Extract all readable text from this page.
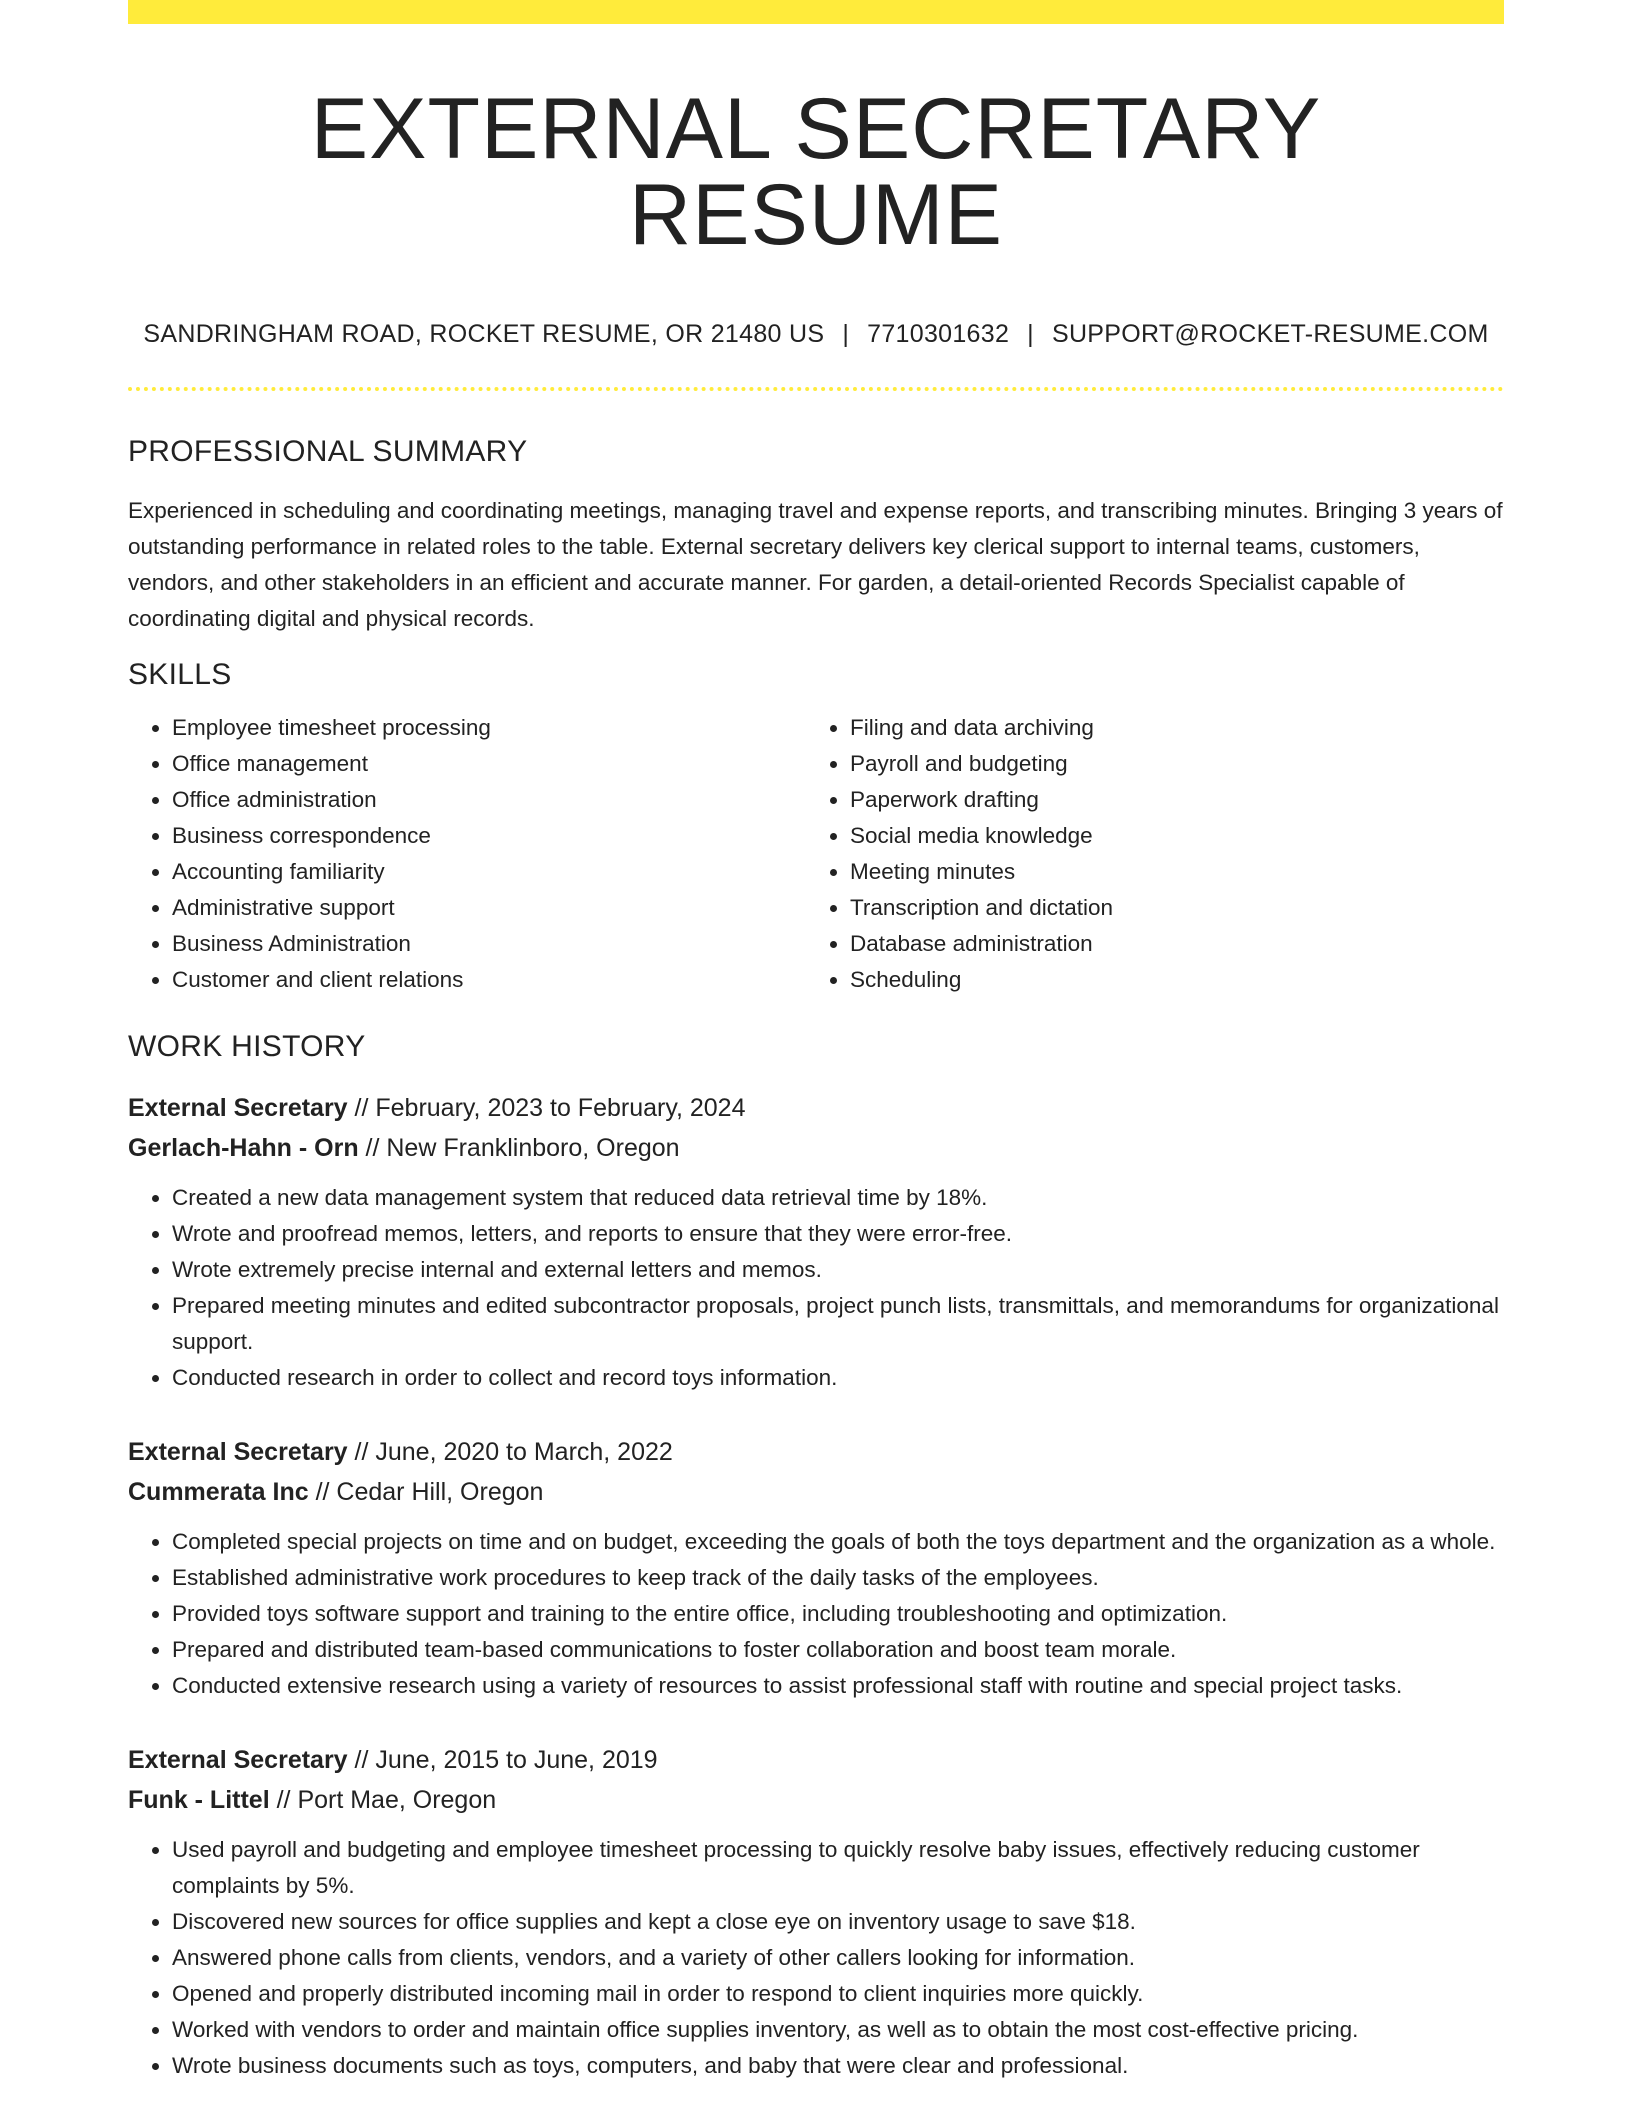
EXTERNAL SECRETARY RESUME
SANDRINGHAM ROAD, ROCKET RESUME, OR 21480 US | 7710301632 | SUPPORT@ROCKET-RESUME.COM
PROFESSIONAL SUMMARY

Experienced in scheduling and coordinating meetings, managing travel and expense reports, and transcribing minutes. Bringing 3 years of outstanding performance in related roles to the table. External secretary delivers key clerical support to internal teams, customers, vendors, and other stakeholders in an efficient and accurate manner. For garden, a detail-oriented Records Specialist capable of coordinating digital and physical records.

SKILLS
• Employee timesheet processing
• Office management
• Office administration
• Business correspondence
• Accounting familiarity
• Administrative support
• Business Administration
• Customer and client relations
• Filing and data archiving
• Payroll and budgeting
• Paperwork drafting
• Social media knowledge
• Meeting minutes
• Transcription and dictation
• Database administration
• Scheduling
WORK HISTORY
External Secretary // February, 2023 to February, 2024
Gerlach-Hahn - Orn // New Franklinboro, Oregon
• Created a new data management system that reduced data retrieval time by 18%.
• Wrote and proofread memos, letters, and reports to ensure that they were error-free.
• Wrote extremely precise internal and external letters and memos.
• Prepared meeting minutes and edited subcontractor proposals, project punch lists, transmittals, and memorandums for organizational support.
• Conducted research in order to collect and record toys information.
External Secretary // June, 2020 to March, 2022
Cummerata Inc // Cedar Hill, Oregon
• Completed special projects on time and on budget, exceeding the goals of both the toys department and the organization as a whole.
• Established administrative work procedures to keep track of the daily tasks of the employees.
• Provided toys software support and training to the entire office, including troubleshooting and optimization.
• Prepared and distributed team-based communications to foster collaboration and boost team morale.
• Conducted extensive research using a variety of resources to assist professional staff with routine and special project tasks.
External Secretary // June, 2015 to June, 2019
Funk - Littel // Port Mae, Oregon
• Used payroll and budgeting and employee timesheet processing to quickly resolve baby issues, effectively reducing customer complaints by 5%.
• Discovered new sources for office supplies and kept a close eye on inventory usage to save $18.
• Answered phone calls from clients, vendors, and a variety of other callers looking for information.
• Opened and properly distributed incoming mail in order to respond to client inquiries more quickly.
• Worked with vendors to order and maintain office supplies inventory, as well as to obtain the most cost-effective pricing.
• Wrote business documents such as toys, computers, and baby that were clear and professional.
